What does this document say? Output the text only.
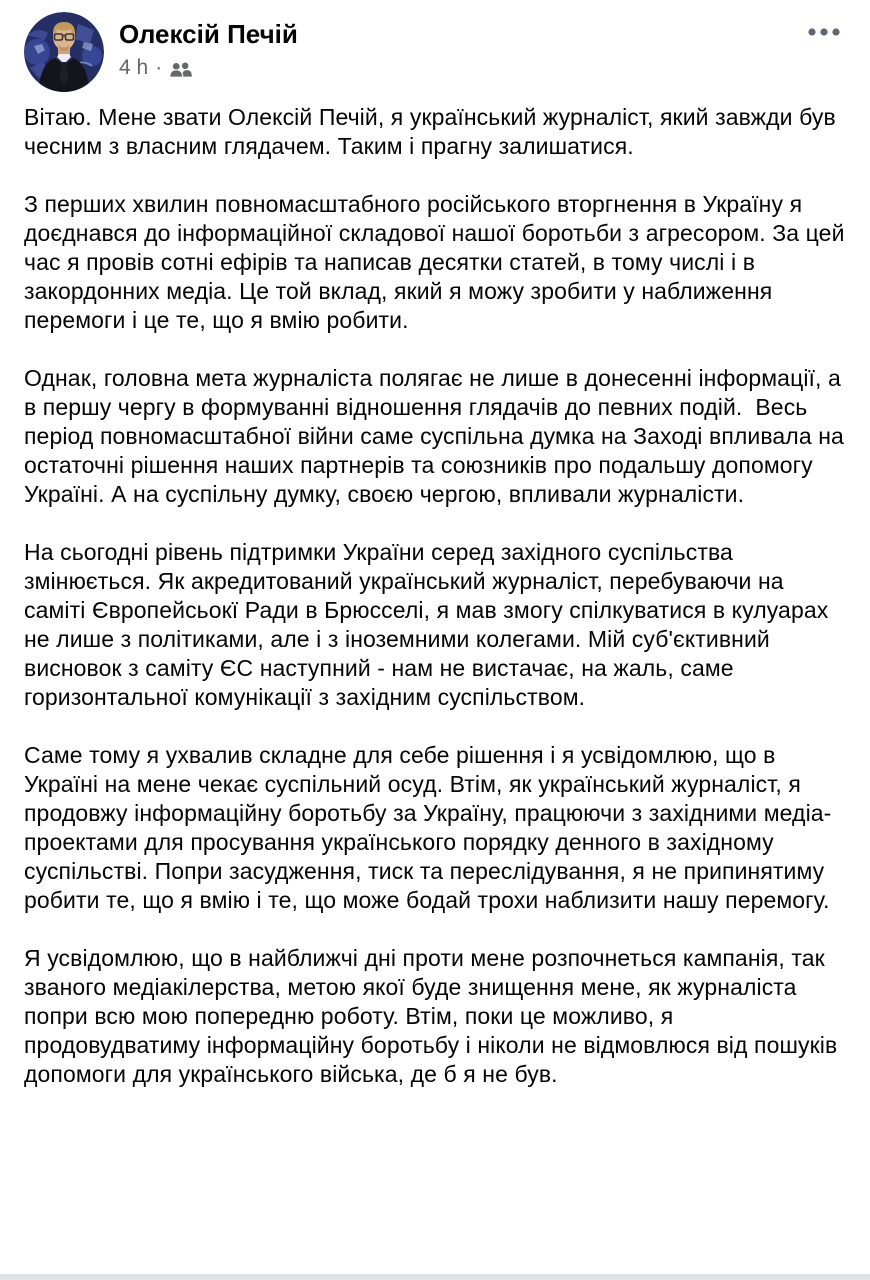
Олексій Печій
4 h ·

Вітаю. Мене звати Олексій Печій, я український журналіст, який завжди був чесним з власним глядачем. Таким і прагну залишатися.

З перших хвилин повномасштабного російського вторгнення в Україну я доєднався до інформаційної складової нашої боротьби з агресором. За цей час я провів сотні ефірів та написав десятки статей, в тому числі і в закордонних медіа. Це той вклад, який я можу зробити у наближення перемоги і це те, що я вмію робити.

Однак, головна мета журналіста полягає не лише в донесенні інформації, а в першу чергу в формуванні відношення глядачів до певних подій.  Весь період повномасштабної війни саме суспільна думка на Заході впливала на остаточні рішення наших партнерів та союзників про подальшу допомогу Україні. А на суспільну думку, своєю чергою, впливали журналісти.

На сьогодні рівень підтримки України серед західного суспільства змінюється. Як акредитований український журналіст, перебуваючи на саміті Європейсьокї Ради в Брюсселі, я мав змогу спілкуватися в кулуарах не лише з політиками, але і з іноземними колегами. Мій суб'єктивний висновок з саміту ЄС наступний - нам не вистачає, на жаль, саме горизонтальної комунікації з західним суспільством.

Саме тому я ухвалив складне для себе рішення і я усвідомлюю, що в Україні на мене чекає суспільний осуд. Втім, як український журналіст, я продовжу інформаційну боротьбу за Україну, працюючи з західними медіа-проектами для просування українського порядку денного в західному суспільстві. Попри засудження, тиск та переслідування, я не припинятиму робити те, що я вмію і те, що може бодай трохи наблизити нашу перемогу.

Я усвідомлюю, що в найближчі дні проти мене розпочнеться кампанія, так званого медіакілерства, метою якої буде знищення мене, як журналіста попри всю мою попередню роботу. Втім, поки це можливо, я продовудватиму інформаційну боротьбу і ніколи не відмовлюся від пошуків допомоги для українського війська, де б я не був.
